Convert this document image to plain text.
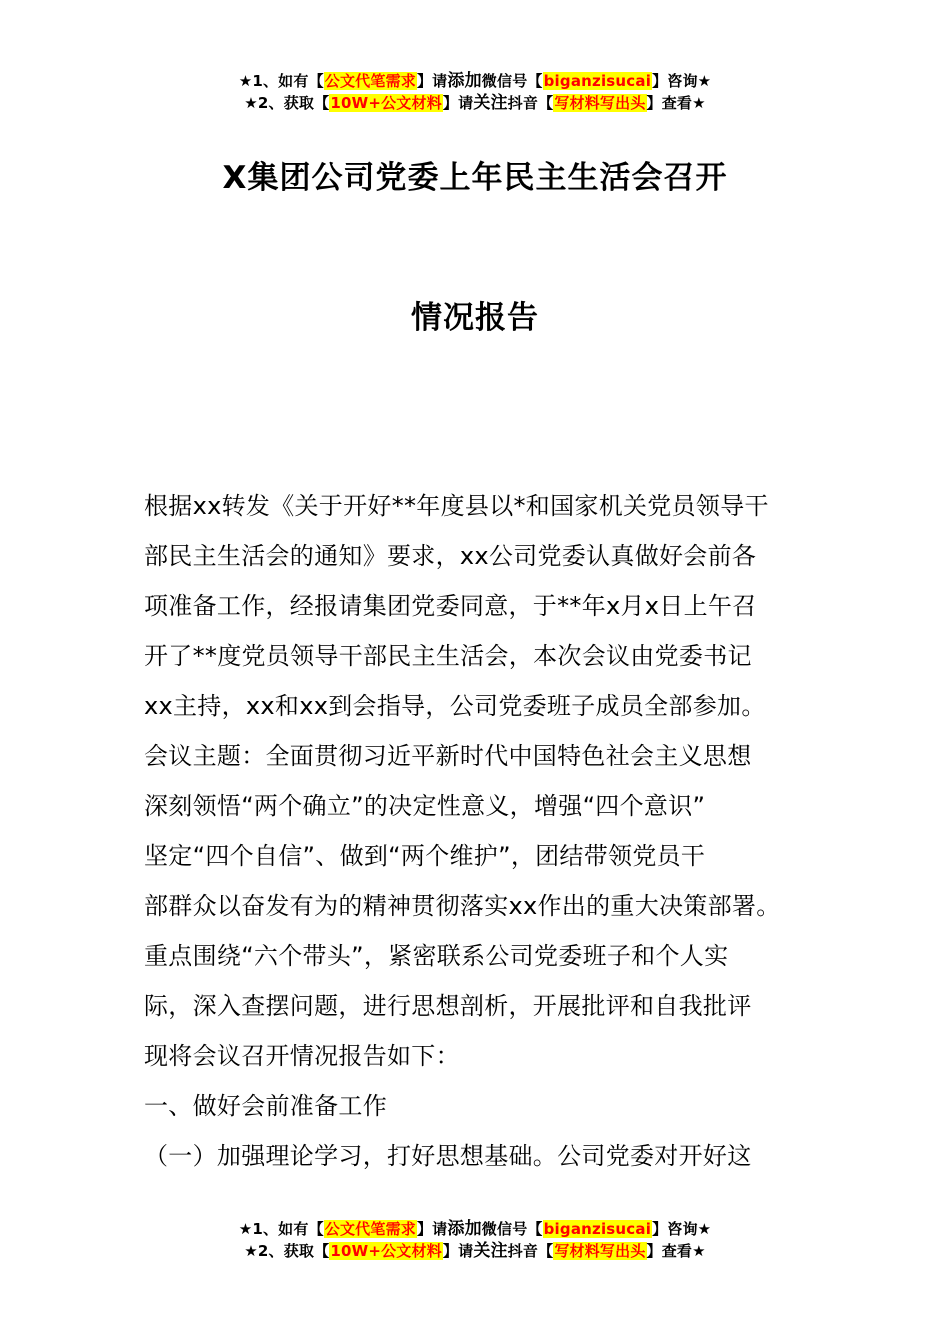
★1、如有【公文代笔需求】请添加微信号【biganzisucai】咨询★
★2、获取【10W+公文材料】请关注抖音【写材料写出头】查看★
X集团公司党委上年民主生活会召开
情况报告
根据xx转发《关于开好**年度县以*和国家机关党员领导干
部民主生活会的通知》要求，xx公司党委认真做好会前各
项准备工作，经报请集团党委同意，于**年x月x日上午召
开了**度党员领导干部民主生活会，本次会议由党委书记
xx主持，xx和xx到会指导，公司党委班子成员全部参加。
会议主题：全面贯彻习近平新时代中国特色社会主义思想
深刻领悟“两个确立”的决定性意义，增强“四个意识”
坚定“四个自信”、做到“两个维护”，团结带领党员干
部群众以奋发有为的精神贯彻落实xx作出的重大决策部署。
重点围绕“六个带头”，紧密联系公司党委班子和个人实
际，深入查摆问题，进行思想剖析，开展批评和自我批评
现将会议召开情况报告如下：
一、做好会前准备工作
（一）加强理论学习，打好思想基础。公司党委对开好这
★1、如有【公文代笔需求】请添加微信号【biganzisucai】咨询★
★2、获取【10W+公文材料】请关注抖音【写材料写出头】查看★
